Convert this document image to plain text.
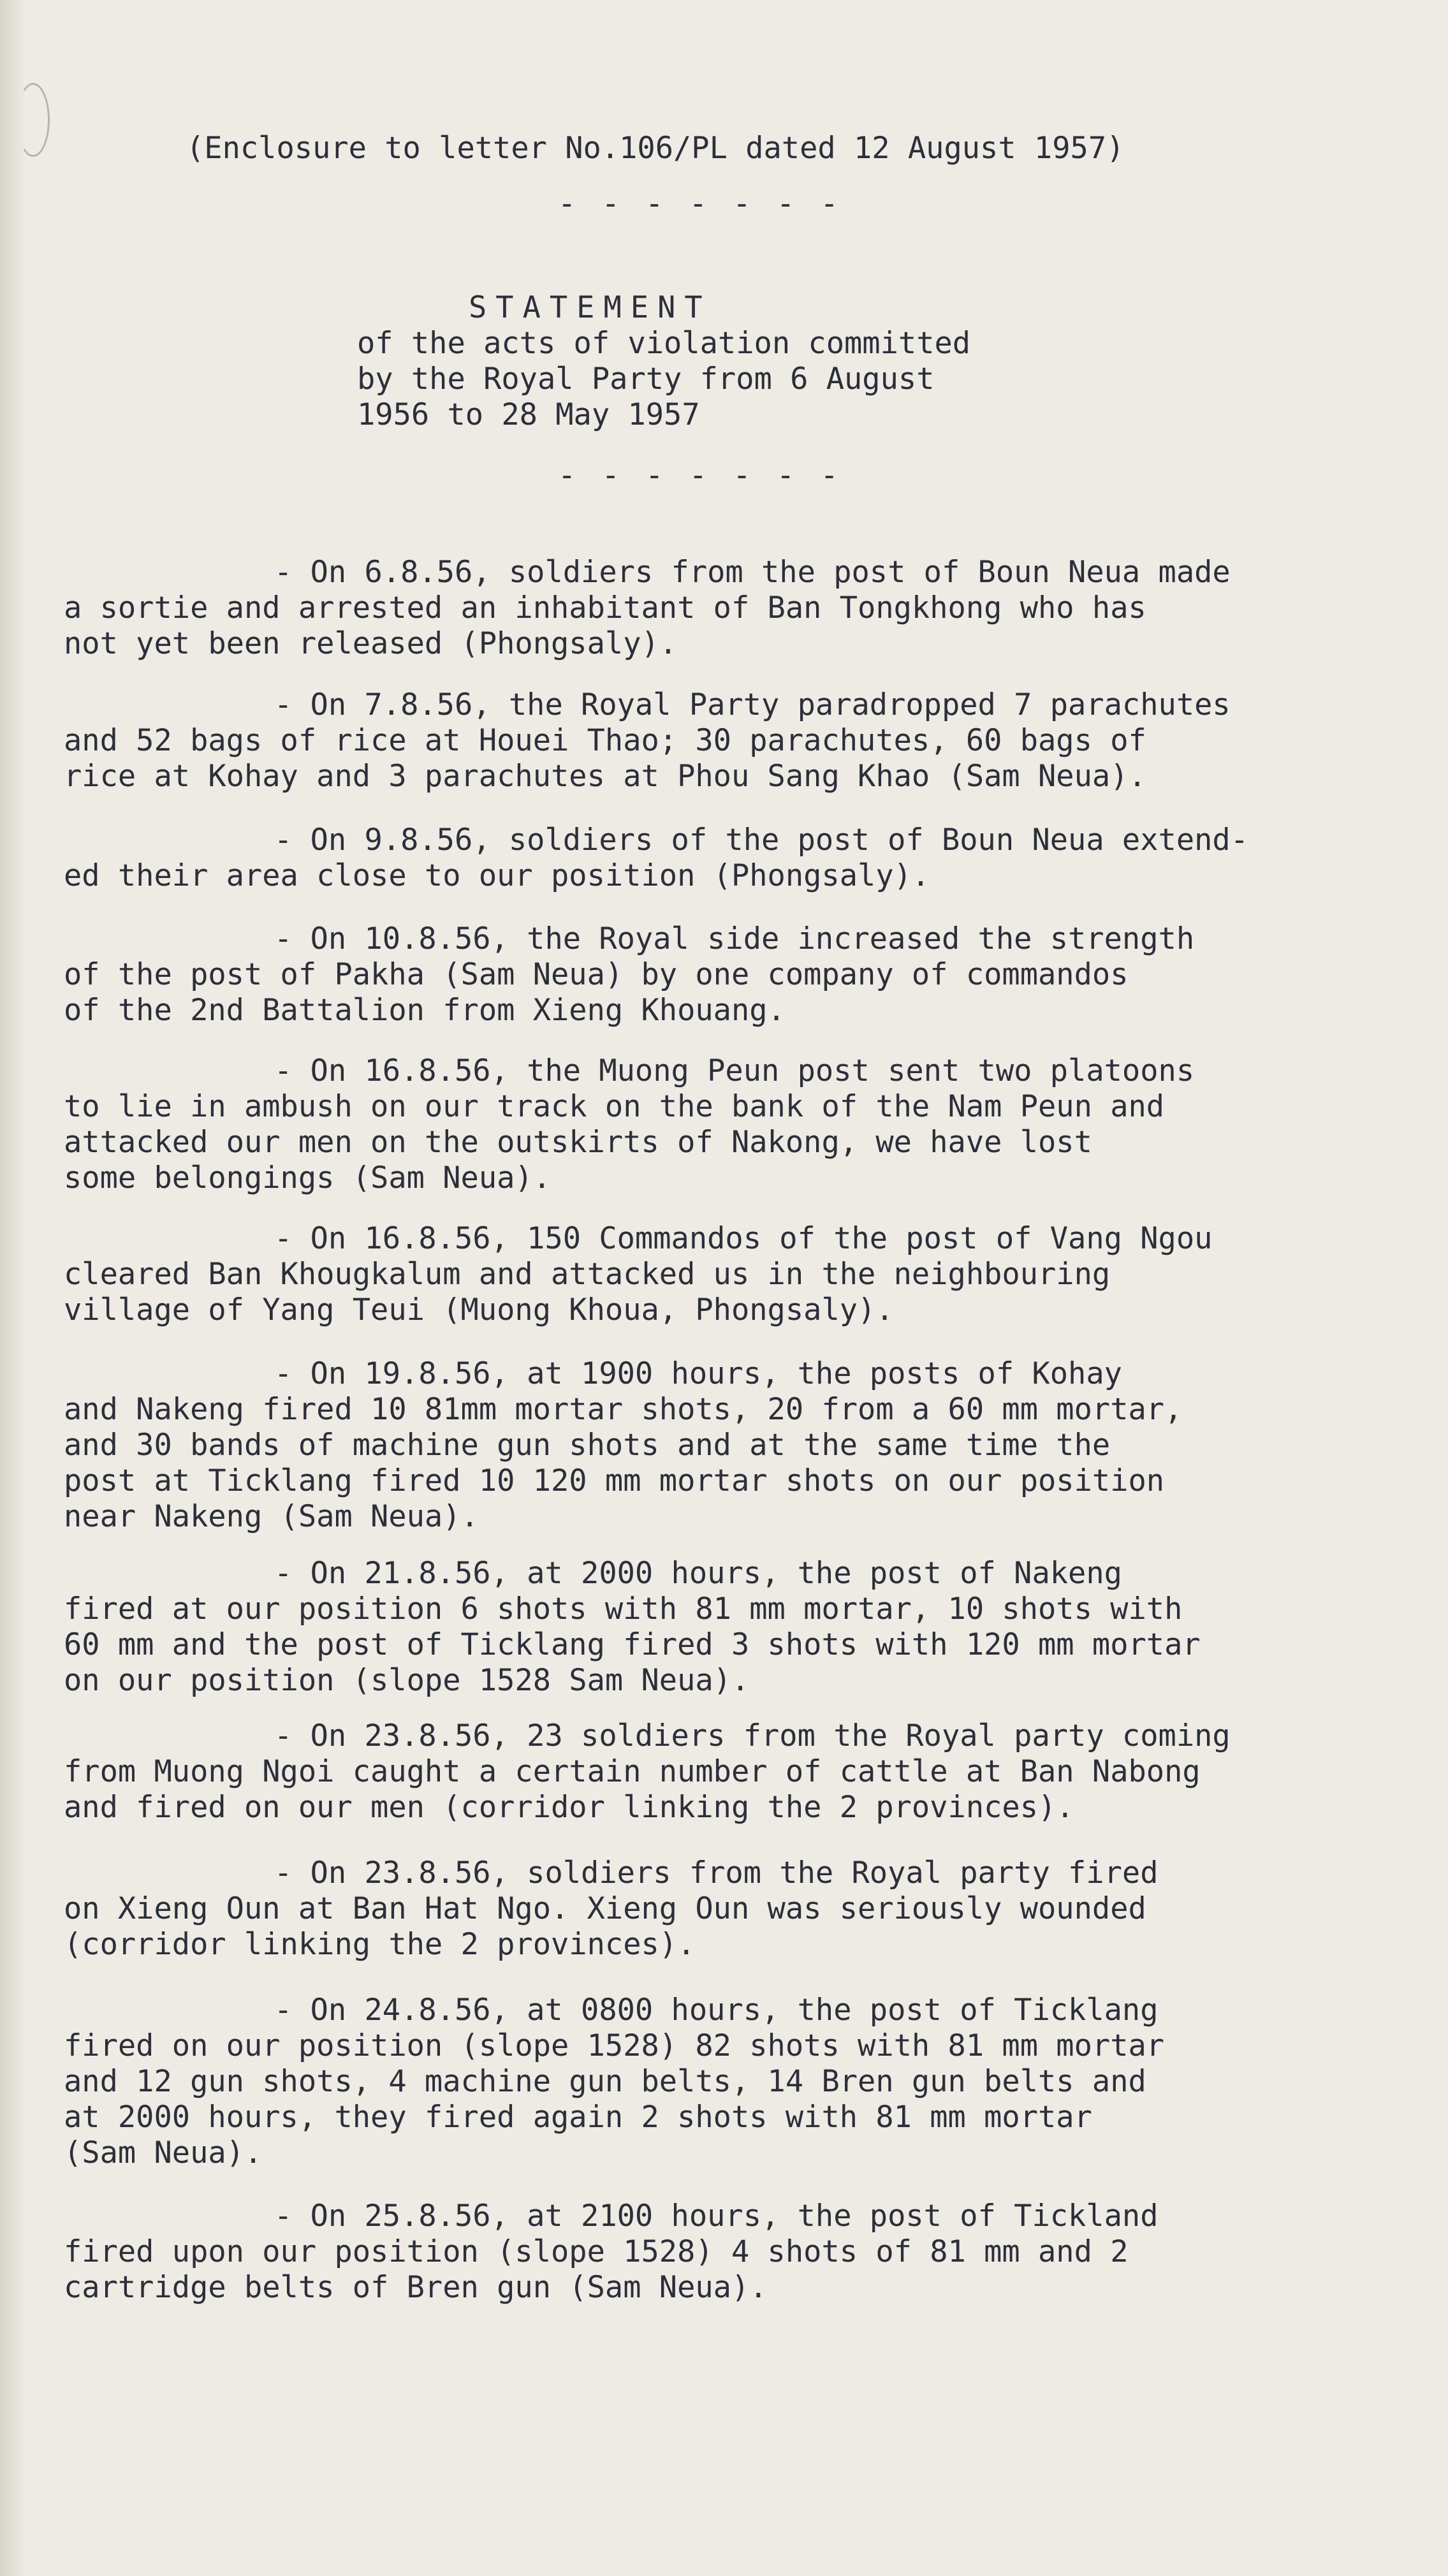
(Enclosure to letter No.106/PL dated 12 August 1957)
- - - - - - -
STATEMENT
of the acts of violation committed
by the Royal Party from 6 August
1956 to 28 May 1957
- - - - - - -
- On 6.8.56, soldiers from the post of Boun Neua made
a sortie and arrested an inhabitant of Ban Tongkhong who has
not yet been released (Phongsaly).
- On 7.8.56, the Royal Party paradropped 7 parachutes
and 52 bags of rice at Houei Thao; 30 parachutes, 60 bags of
rice at Kohay and 3 parachutes at Phou Sang Khao (Sam Neua).
- On 9.8.56, soldiers of the post of Boun Neua extend-
ed their area close to our position (Phongsaly).
- On 10.8.56, the Royal side increased the strength
of the post of Pakha (Sam Neua) by one company of commandos
of the 2nd Battalion from Xieng Khouang.
- On 16.8.56, the Muong Peun post sent two platoons
to lie in ambush on our track on the bank of the Nam Peun and
attacked our men on the outskirts of Nakong, we have lost
some belongings (Sam Neua).
- On 16.8.56, 150 Commandos of the post of Vang Ngou
cleared Ban Khougkalum and attacked us in the neighbouring
village of Yang Teui (Muong Khoua, Phongsaly).
- On 19.8.56, at 1900 hours, the posts of Kohay
and Nakeng fired 10 81mm mortar shots, 20 from a 60 mm mortar,
and 30 bands of machine gun shots and at the same time the
post at Ticklang fired 10 120 mm mortar shots on our position
near Nakeng (Sam Neua).
- On 21.8.56, at 2000 hours, the post of Nakeng
fired at our position 6 shots with 81 mm mortar, 10 shots with
60 mm and the post of Ticklang fired 3 shots with 120 mm mortar
on our position (slope 1528 Sam Neua).
- On 23.8.56, 23 soldiers from the Royal party coming
from Muong Ngoi caught a certain number of cattle at Ban Nabong
and fired on our men (corridor linking the 2 provinces).
- On 23.8.56, soldiers from the Royal party fired
on Xieng Oun at Ban Hat Ngo. Xieng Oun was seriously wounded
(corridor linking the 2 provinces).
- On 24.8.56, at 0800 hours, the post of Ticklang
fired on our position (slope 1528) 82 shots with 81 mm mortar
and 12 gun shots, 4 machine gun belts, 14 Bren gun belts and
at 2000 hours, they fired again 2 shots with 81 mm mortar
(Sam Neua).
- On 25.8.56, at 2100 hours, the post of Tickland
fired upon our position (slope 1528) 4 shots of 81 mm and 2
cartridge belts of Bren gun (Sam Neua).
